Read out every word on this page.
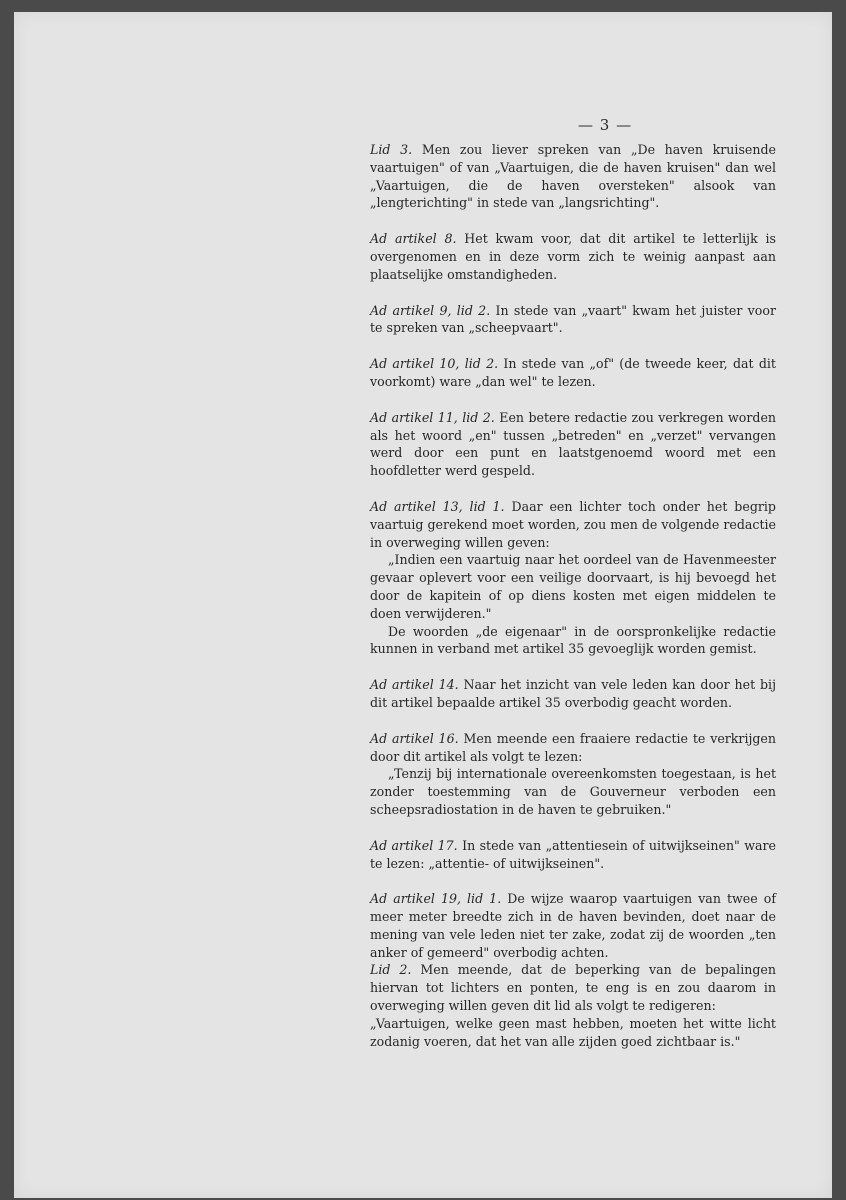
— 3 —

Lid 3. Men zou liever spreken van „De haven kruisende vaartuigen" of van „Vaartuigen, die de haven kruisen" dan wel „Vaartuigen, die de haven oversteken" alsook van „lengterichting" in stede van „langsrichting".

Ad artikel 8. Het kwam voor, dat dit artikel te letterlijk is overgenomen en in deze vorm zich te weinig aanpast aan plaatselijke omstandigheden.

Ad artikel 9, lid 2. In stede van „vaart" kwam het juister voor te spreken van „scheepvaart".

Ad artikel 10, lid 2. In stede van „of" (de tweede keer, dat dit voorkomt) ware „dan wel" te lezen.

Ad artikel 11, lid 2. Een betere redactie zou verkregen worden als het woord „en" tussen „betreden" en „verzet" vervangen werd door een punt en laatstgenoemd woord met een hoofdletter werd gespeld.

Ad artikel 13, lid 1. Daar een lichter toch onder het begrip vaartuig gerekend moet worden, zou men de volgende redactie in overweging willen geven:

„Indien een vaartuig naar het oordeel van de Havenmeester gevaar oplevert voor een veilige doorvaart, is hij bevoegd het door de kapitein of op diens kosten met eigen middelen te doen verwijderen."

De woorden „de eigenaar" in de oorspronkelijke redactie kunnen in verband met artikel 35 gevoeglijk worden gemist.

Ad artikel 14. Naar het inzicht van vele leden kan door het bij dit artikel bepaalde artikel 35 overbodig geacht worden.

Ad artikel 16. Men meende een fraaiere redactie te verkrijgen door dit artikel als volgt te lezen:

„Tenzij bij internationale overeenkomsten toegestaan, is het zonder toestemming van de Gouverneur verboden een scheepsradiostation in de haven te gebruiken."

Ad artikel 17. In stede van „attentiesein of uitwijkseinen" ware te lezen: „attentie- of uitwijkseinen".

Ad artikel 19, lid 1. De wijze waarop vaartuigen van twee of meer meter breedte zich in de haven bevinden, doet naar de mening van vele leden niet ter zake, zodat zij de woorden „ten anker of gemeerd" overbodig achten.

Lid 2. Men meende, dat de beperking van de bepalingen hiervan tot lichters en ponten, te eng is en zou daarom in overweging willen geven dit lid als volgt te redigeren:

„Vaartuigen, welke geen mast hebben, moeten het witte licht zodanig voeren, dat het van alle zijden goed zichtbaar is."
